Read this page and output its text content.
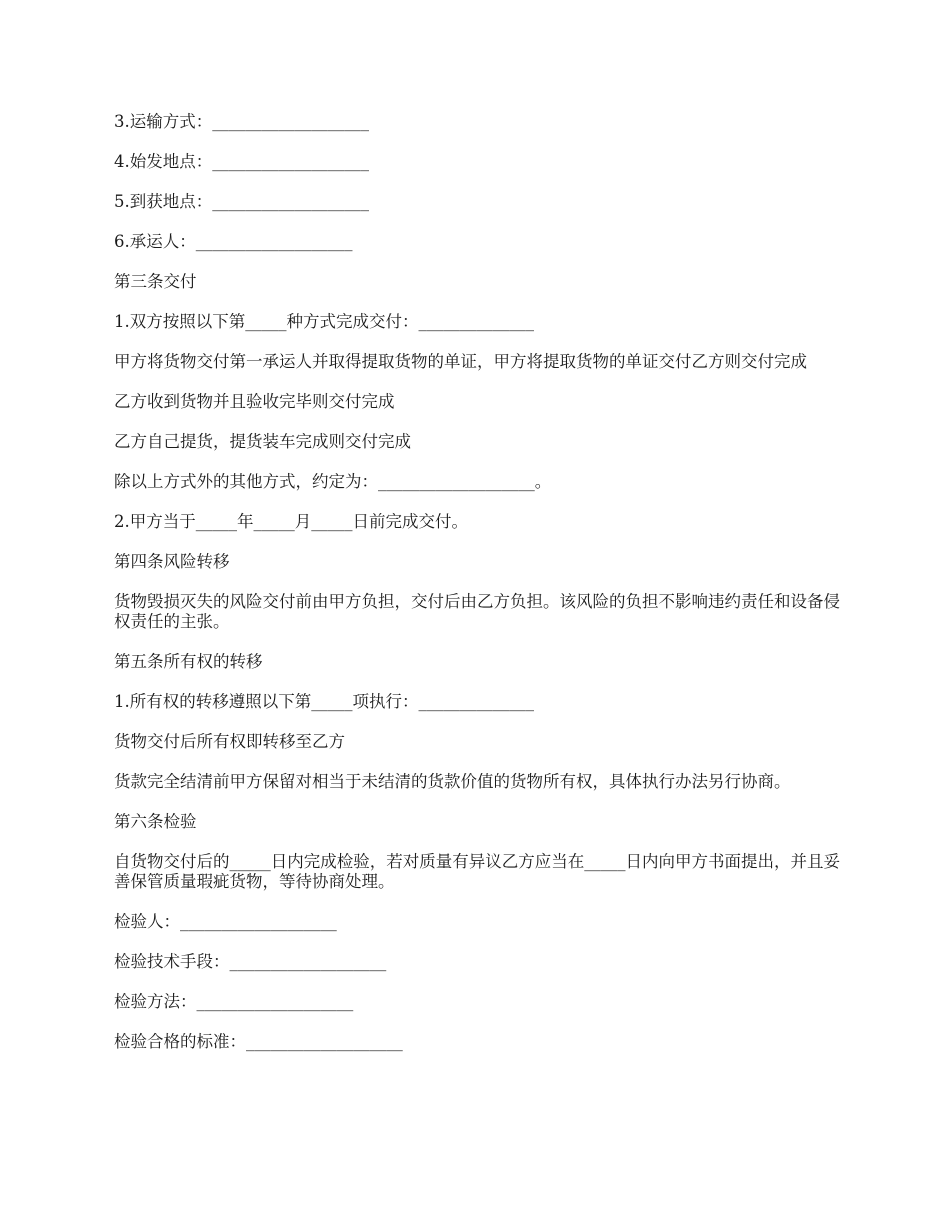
3.运输方式：___________________

4.始发地点：___________________

5.到获地点：___________________

6.承运人：___________________

第三条交付

1.双方按照以下第_____种方式完成交付：______________

甲方将货物交付第一承运人并取得提取货物的单证，甲方将提取货物的单证交付乙方则交付完成

乙方收到货物并且验收完毕则交付完成

乙方自己提货，提货装车完成则交付完成

除以上方式外的其他方式，约定为：___________________。

2.甲方当于_____年_____月_____日前完成交付。

第四条风险转移

货物毁损灭失的风险交付前由甲方负担，交付后由乙方负担。该风险的负担不影响违约责任和设备侵权责任的主张。

第五条所有权的转移

1.所有权的转移遵照以下第_____项执行：______________

货物交付后所有权即转移至乙方

货款完全结清前甲方保留对相当于未结清的货款价值的货物所有权，具体执行办法另行协商。

第六条检验

自货物交付后的_____日内完成检验，若对质量有异议乙方应当在_____日内向甲方书面提出，并且妥善保管质量瑕疵货物，等待协商处理。

检验人：___________________

检验技术手段：___________________

检验方法：___________________

检验合格的标准：___________________
